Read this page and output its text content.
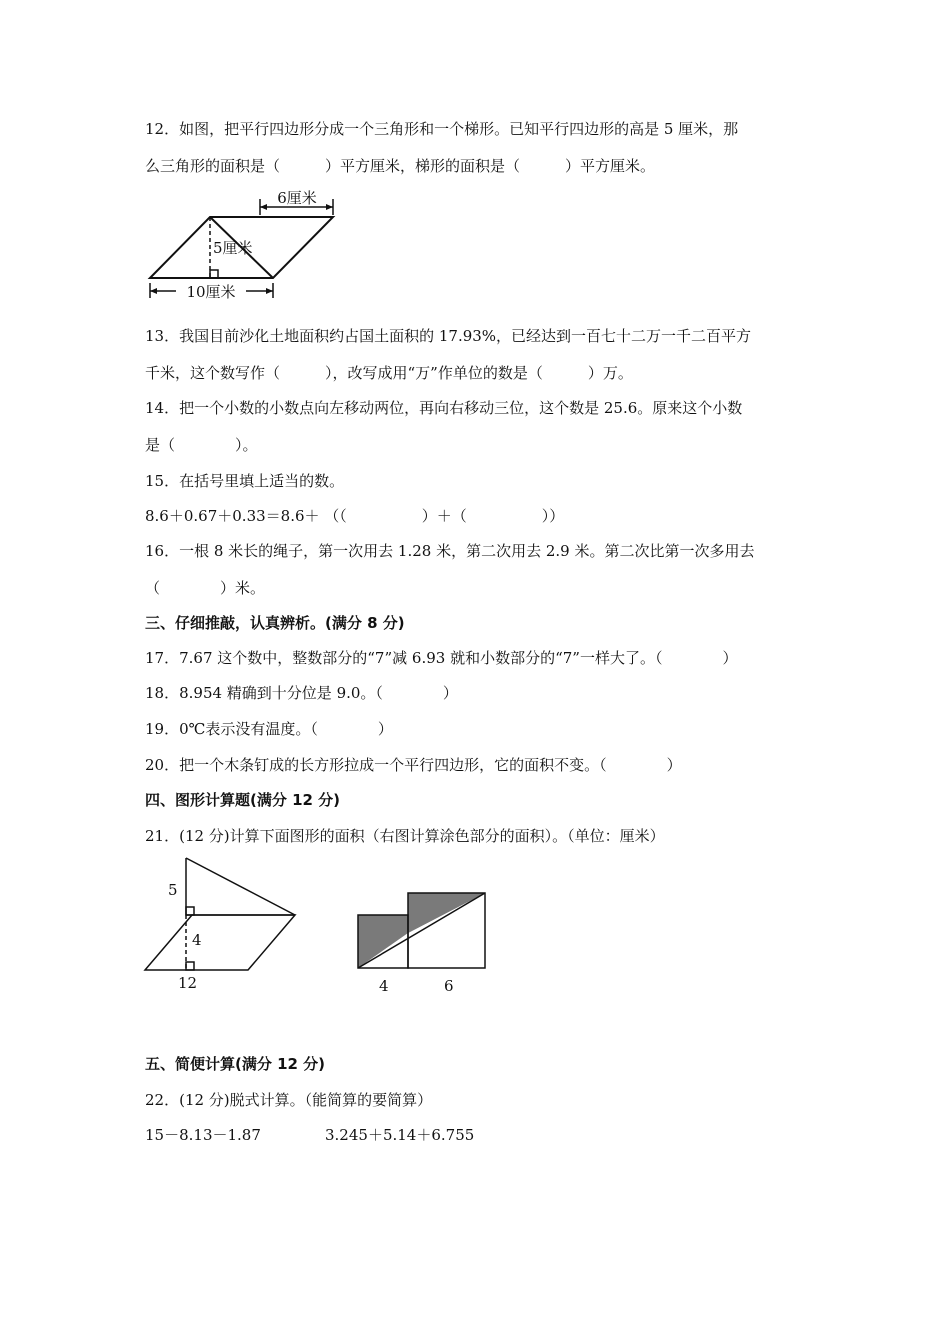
12．如图，把平行四边形分成一个三角形和一个梯形。已知平行四边形的高是 5 厘米，那
么三角形的面积是（　　　）平方厘米，梯形的面积是（　　　）平方厘米。
6厘米
5厘米
10厘米
13．我国目前沙化土地面积约占国土面积的 17.93%，已经达到一百七十二万一千二百平方
千米，这个数写作（　　　），改写成用“万”作单位的数是（　　　）万。
14．把一个小数的小数点向左移动两位，再向右移动三位，这个数是 25.6。原来这个小数
是（　　　　）。
15．在括号里填上适当的数。
8.6＋0.67＋0.33＝8.6＋ （（　　　　　）＋（　　　　　））
16．一根 8 米长的绳子，第一次用去 1.28 米，第二次用去 2.9 米。第二次比第一次多用去
（　　　　）米。
三、仔细推敲，认真辨析。(满分 8 分)
17．7.67 这个数中，整数部分的“7”减 6.93 就和小数部分的“7”一样大了。（　　　　）
18．8.954 精确到十分位是 9.0。（　　　　）
19．0℃表示没有温度。（　　　　）
20．把一个木条钉成的长方形拉成一个平行四边形，它的面积不变。（　　　　）
四、图形计算题(满分 12 分)
21．(12 分)计算下面图形的面积（右图计算涂色部分的面积）。（单位：厘米）
5
4
12	4	6
五、简便计算(满分 12 分)
22．(12 分)脱式计算。（能简算的要简算）
15－8.13－1.87	3.245＋5.14＋6.755
